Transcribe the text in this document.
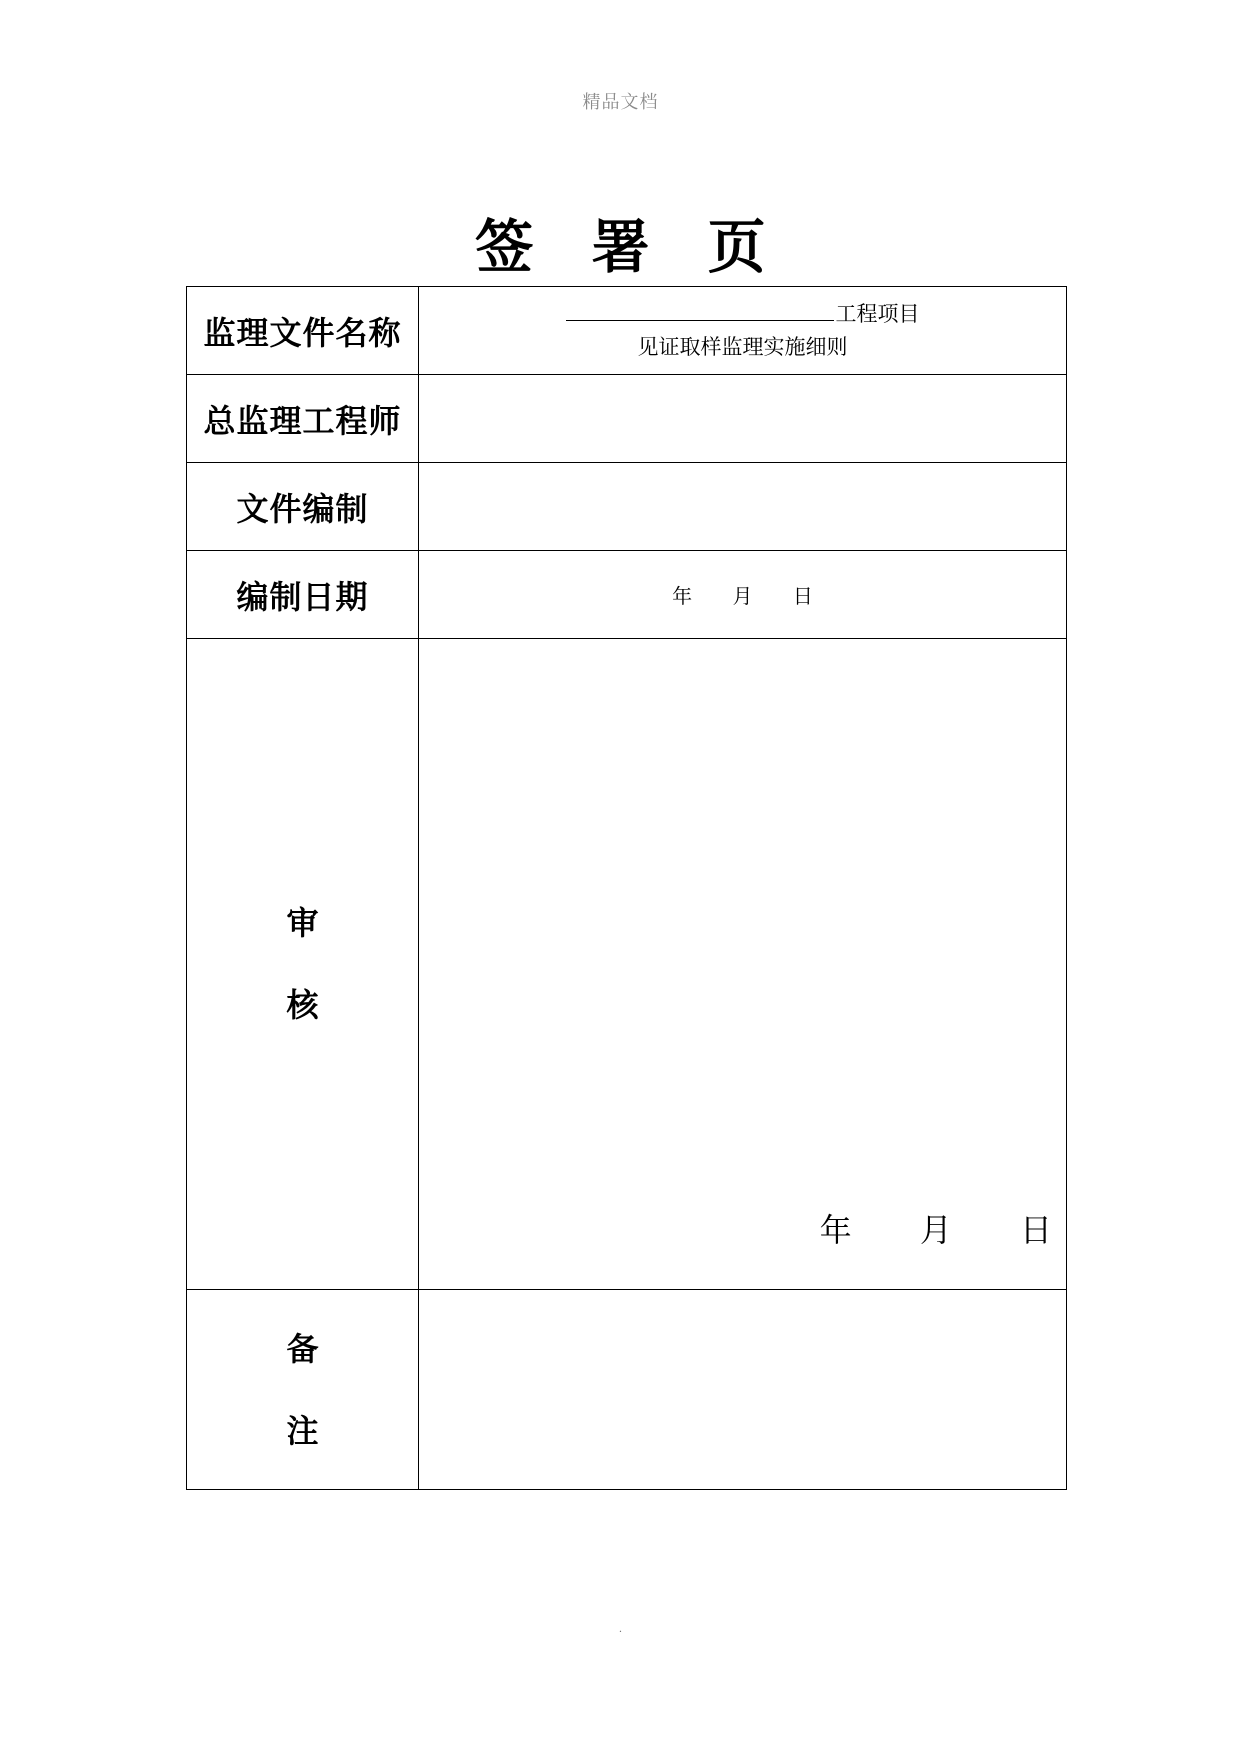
精品文档
签 署 页
监理文件名称	工程项目
见证取样监理实施细则

总监理工程师	
文件编制	
编制日期	年 月 日

审
核	年 月 日

备
注	

.
